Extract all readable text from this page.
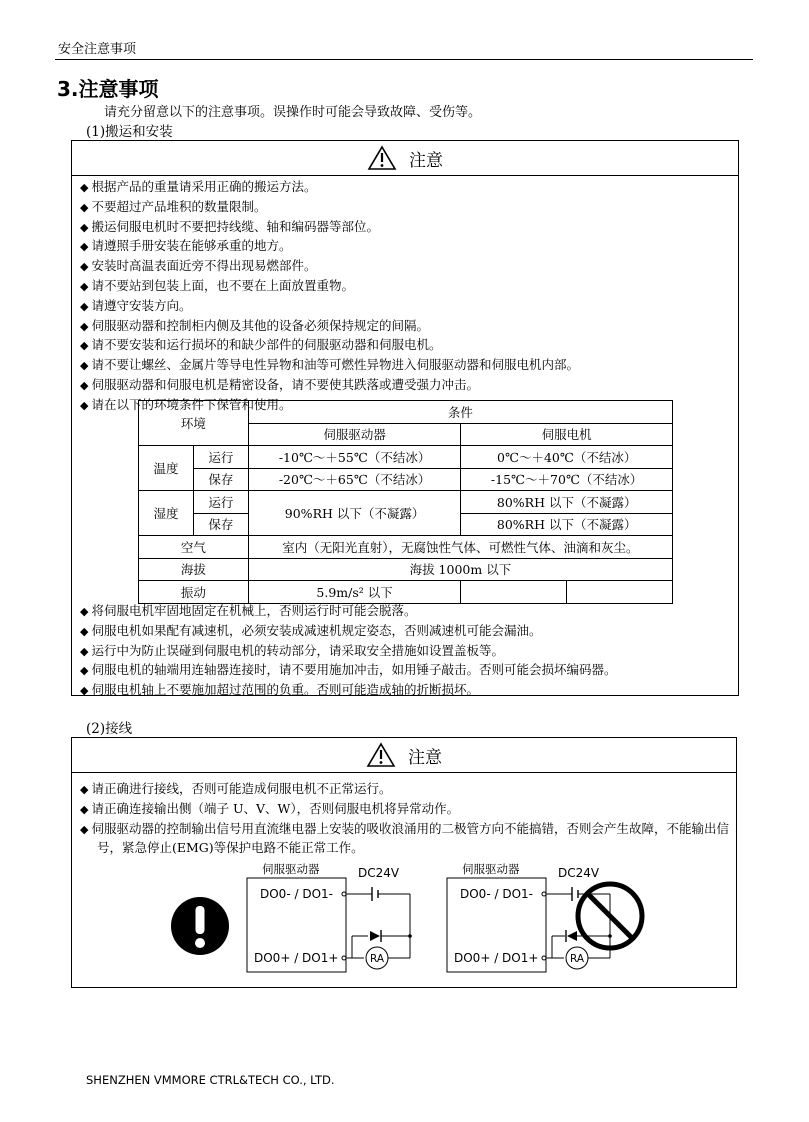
安全注意事项
3.注意事项
请充分留意以下的注意事项。误操作时可能会导致故障、受伤等。
(1)搬运和安装
注意
◆ 根据产品的重量请采用正确的搬运方法。
◆ 不要超过产品堆积的数量限制。
◆ 搬运伺服电机时不要把持线缆、轴和编码器等部位。
◆ 请遵照手册安装在能够承重的地方。
◆ 安装时高温表面近旁不得出现易燃部件。
◆ 请不要站到包装上面，也不要在上面放置重物。
◆ 请遵守安装方向。
◆ 伺服驱动器和控制柜内侧及其他的设备必须保持规定的间隔。
◆ 请不要安装和运行损坏的和缺少部件的伺服驱动器和伺服电机。
◆ 请不要让螺丝、金属片等导电性异物和油等可燃性异物进入伺服驱动器和伺服电机内部。
◆ 伺服驱动器和伺服电机是精密设备，请不要使其跌落或遭受强力冲击。
◆ 请在以下的环境条件下保管和使用。
环境		条件		
		伺服驱动器	伺服电机	
温度	运行	-10℃～＋55℃（不结冰）	0℃～＋40℃（不结冰）	
	保存	-20℃～＋65℃（不结冰）	-15℃～＋70℃（不结冰）	
湿度	运行	90%RH 以下（不凝露）	80%RH 以下（不凝露）	
	保存		80%RH 以下（不凝露）	
空气		室内（无阳光直射），无腐蚀性气体、可燃性气体、油滴和灰尘。		
海拔		海拔 1000m 以下		
振动		5.9m/s² 以下		
◆ 将伺服电机牢固地固定在机械上，否则运行时可能会脱落。
◆ 伺服电机如果配有减速机，必须安装成减速机规定姿态，否则减速机可能会漏油。
◆ 运行中为防止误碰到伺服电机的转动部分，请采取安全措施如设置盖板等。
◆ 伺服电机的轴端用连轴器连接时，请不要用施加冲击，如用锤子敲击。否则可能会损坏编码器。
◆ 伺服电机轴上不要施加超过范围的负重。否则可能造成轴的折断损坏。
(2)接线
注意
◆ 请正确进行接线，否则可能造成伺服电机不正常运行。
◆ 请正确连接输出侧（端子 U、V、W），否则伺服电机将异常动作。
◆ 伺服驱动器的控制输出信号用直流继电器上安装的吸收浪涌用的二极管方向不能搞错，否则会产生故障，不能输出信号，紧急停止(EMG)等保护电路不能正常工作。
伺服驱动器	DC24V
DO0- / DO1-
DO0+ / DO1+	RA
伺服驱动器	DC24V
DO0- / DO1-
DO0+ / DO1+	RA
SHENZHEN VMMORE CTRL&TECH CO., LTD.
